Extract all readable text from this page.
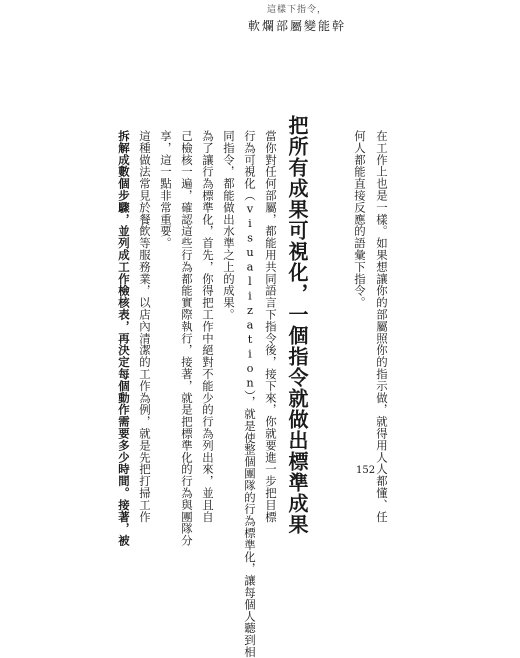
這樣下指令，
軟爛部屬變能幹
在工作上也是一樣。如果想讓你的部屬照你的指示做，就得用人人都懂、任
何人都能直接反應的語彙下指令。
把所有成果可視化，一個指令就做出標準成果
當你對任何部屬，都能用共同語言下指令後，接下來，你就要進一步把目標
行為可視化（visualization），就是使整個團隊的行為標準化，讓每個人聽到相
同指令，都能做出水準之上的成果。
為了讓行為標準化，首先，你得把工作中絕對不能少的行為列出來，並且自
己檢核一遍，確認這些行為都能實際執行，接著，就是把標準化的行為與團隊分
享，這一點非常重要。
這種做法常見於餐飲等服務業，以店內清潔的工作為例，就是先把打掃工作
拆解成數個步驟，並列成工作檢核表，再決定每個動作需要多少時間。接著，被	152
